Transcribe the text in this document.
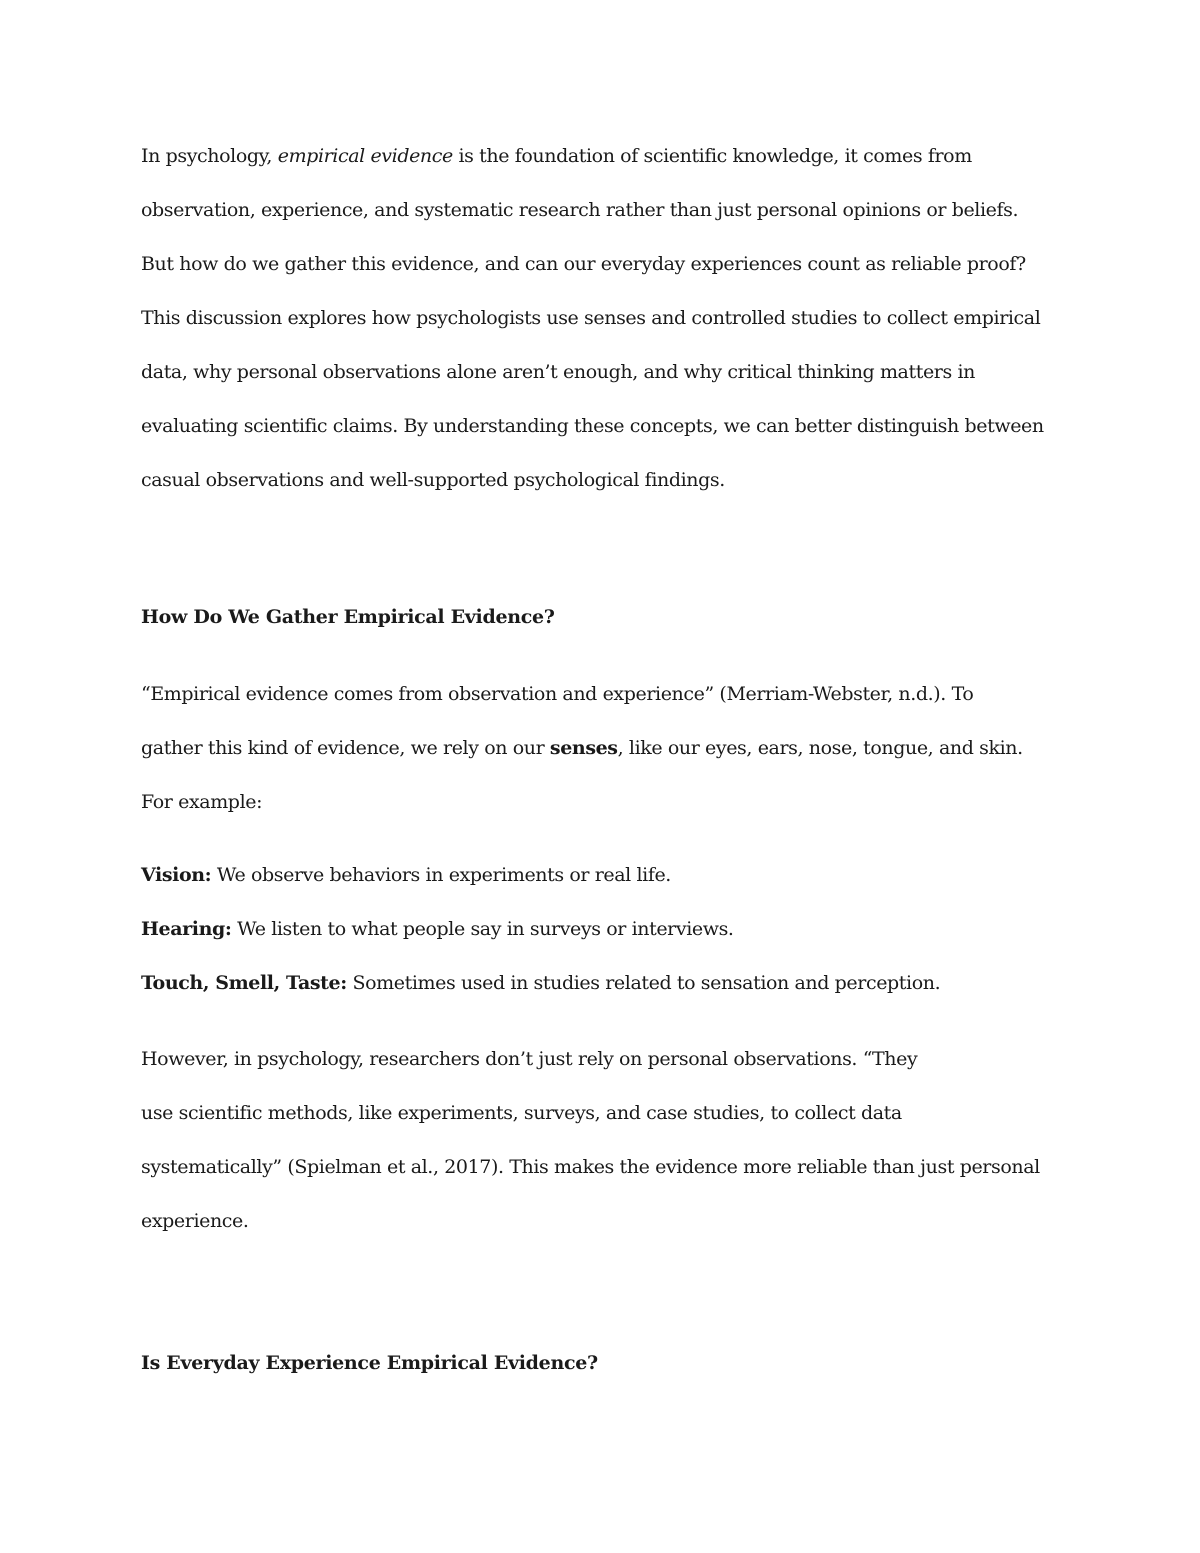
In psychology, empirical evidence is the foundation of scientific knowledge, it comes from
observation, experience, and systematic research rather than just personal opinions or beliefs.
But how do we gather this evidence, and can our everyday experiences count as reliable proof?
This discussion explores how psychologists use senses and controlled studies to collect empirical
data, why personal observations alone aren’t enough, and why critical thinking matters in
evaluating scientific claims. By understanding these concepts, we can better distinguish between
casual observations and well-supported psychological findings.
How Do We Gather Empirical Evidence?
“Empirical evidence comes from observation and experience” (Merriam-Webster, n.d.). To
gather this kind of evidence, we rely on our senses, like our eyes, ears, nose, tongue, and skin.
For example:
Vision: We observe behaviors in experiments or real life.
Hearing: We listen to what people say in surveys or interviews.
Touch, Smell, Taste: Sometimes used in studies related to sensation and perception.
However, in psychology, researchers don’t just rely on personal observations. “They
use scientific methods, like experiments, surveys, and case studies, to collect data
systematically” (Spielman et al., 2017). This makes the evidence more reliable than just personal
experience.
Is Everyday Experience Empirical Evidence?
